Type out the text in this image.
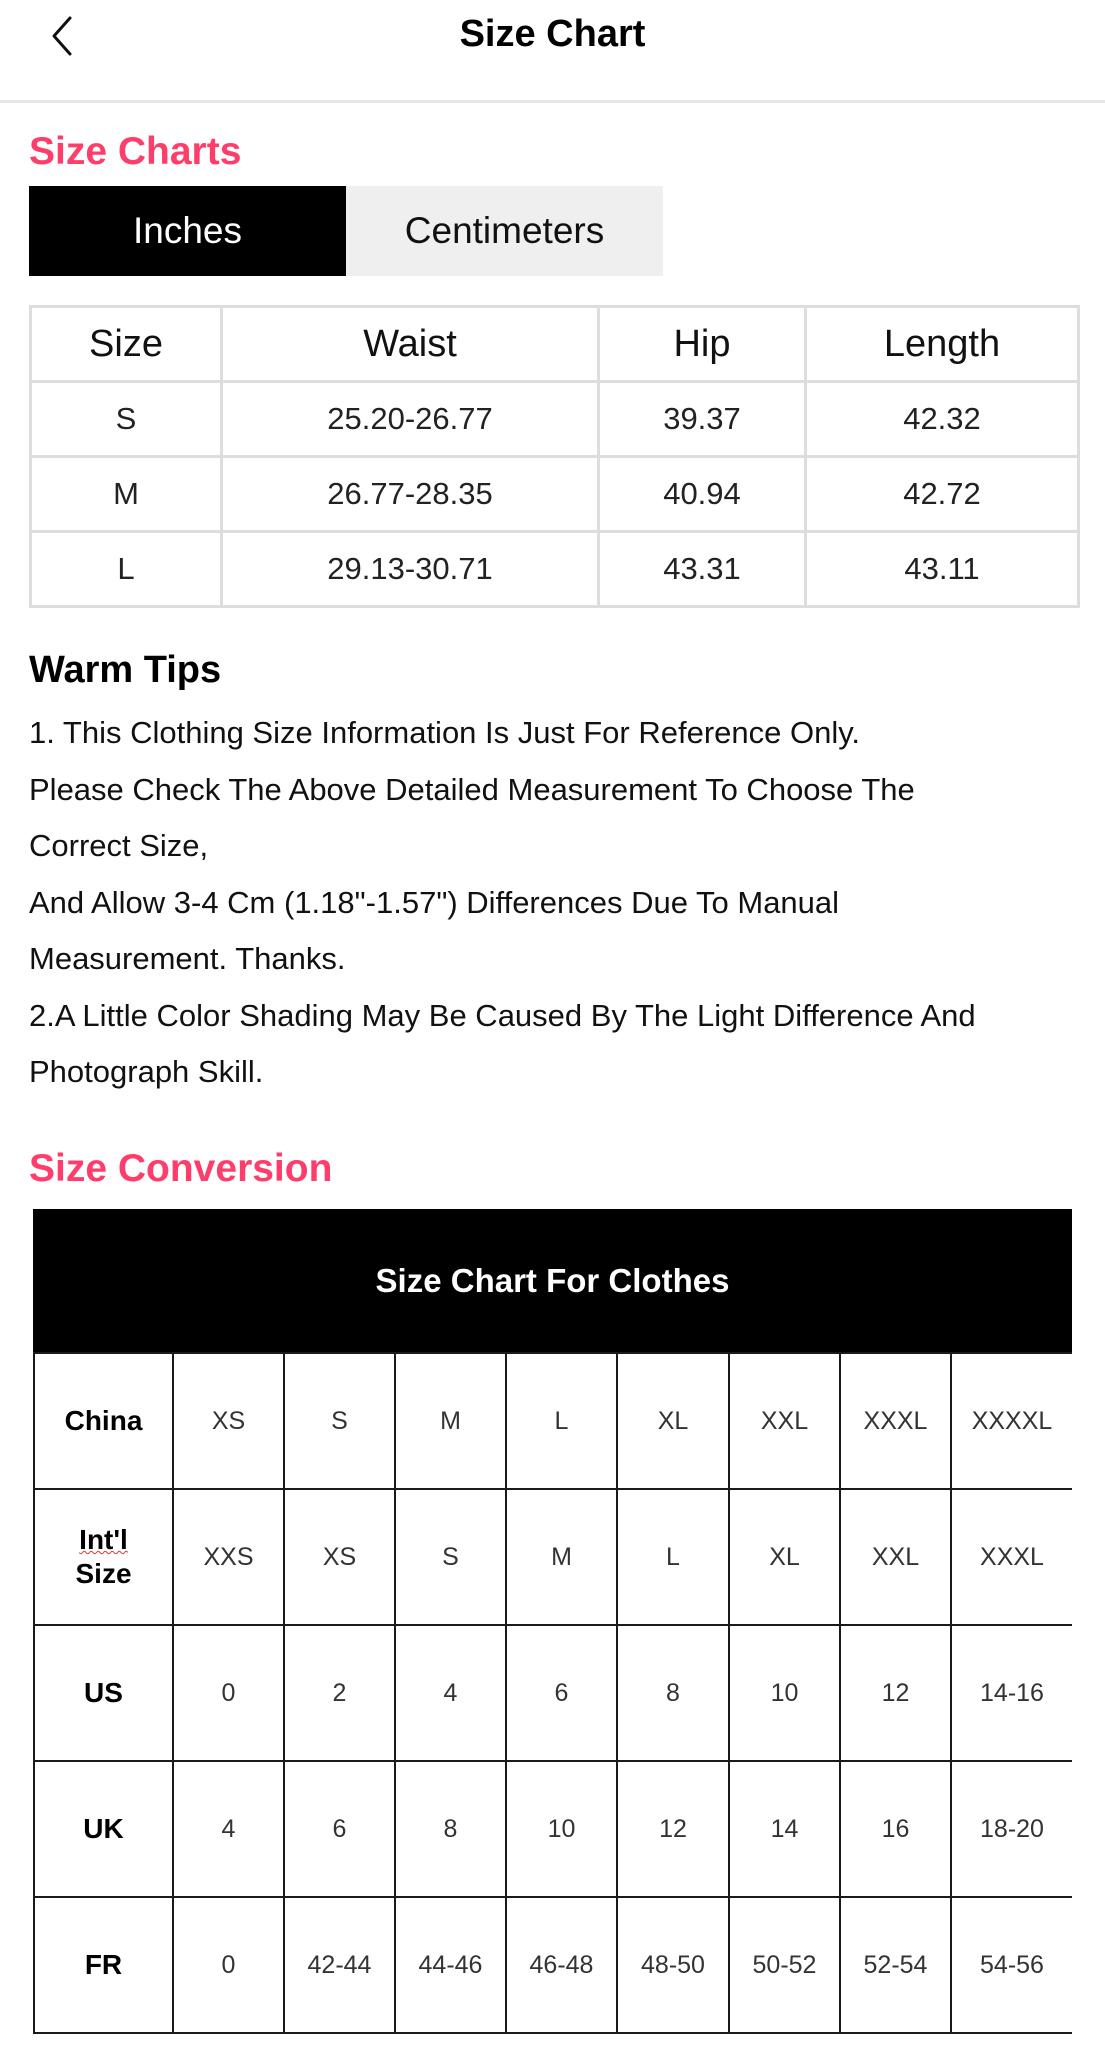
Size Chart
Size Charts
Inches	Centimeters
Size	Waist	Hip	Length
S	25.20-26.77	39.37	42.32
M	26.77-28.35	40.94	42.72
L	29.13-30.71	43.31	43.11
Warm Tips
1. This Clothing Size Information Is Just For Reference Only.
Please Check The Above Detailed Measurement To Choose The
Correct Size,
And Allow 3-4 Cm (1.18"-1.57") Differences Due To Manual
Measurement. Thanks.
2.A Little Color Shading May Be Caused By The Light Difference And
Photograph Skill.
Size Conversion
Size Chart For Clothes
China	XS	S	M	L	XL	XXL	XXXL	XXXXL

Int'l
Size	XXS	XS	S	M	L	XL	XXL	XXXL
US	0	2	4	6	8	10	12	14-16
UK	4	6	8	10	12	14	16	18-20
FR	0	42-44	44-46	46-48	48-50	50-52	52-54	54-56
